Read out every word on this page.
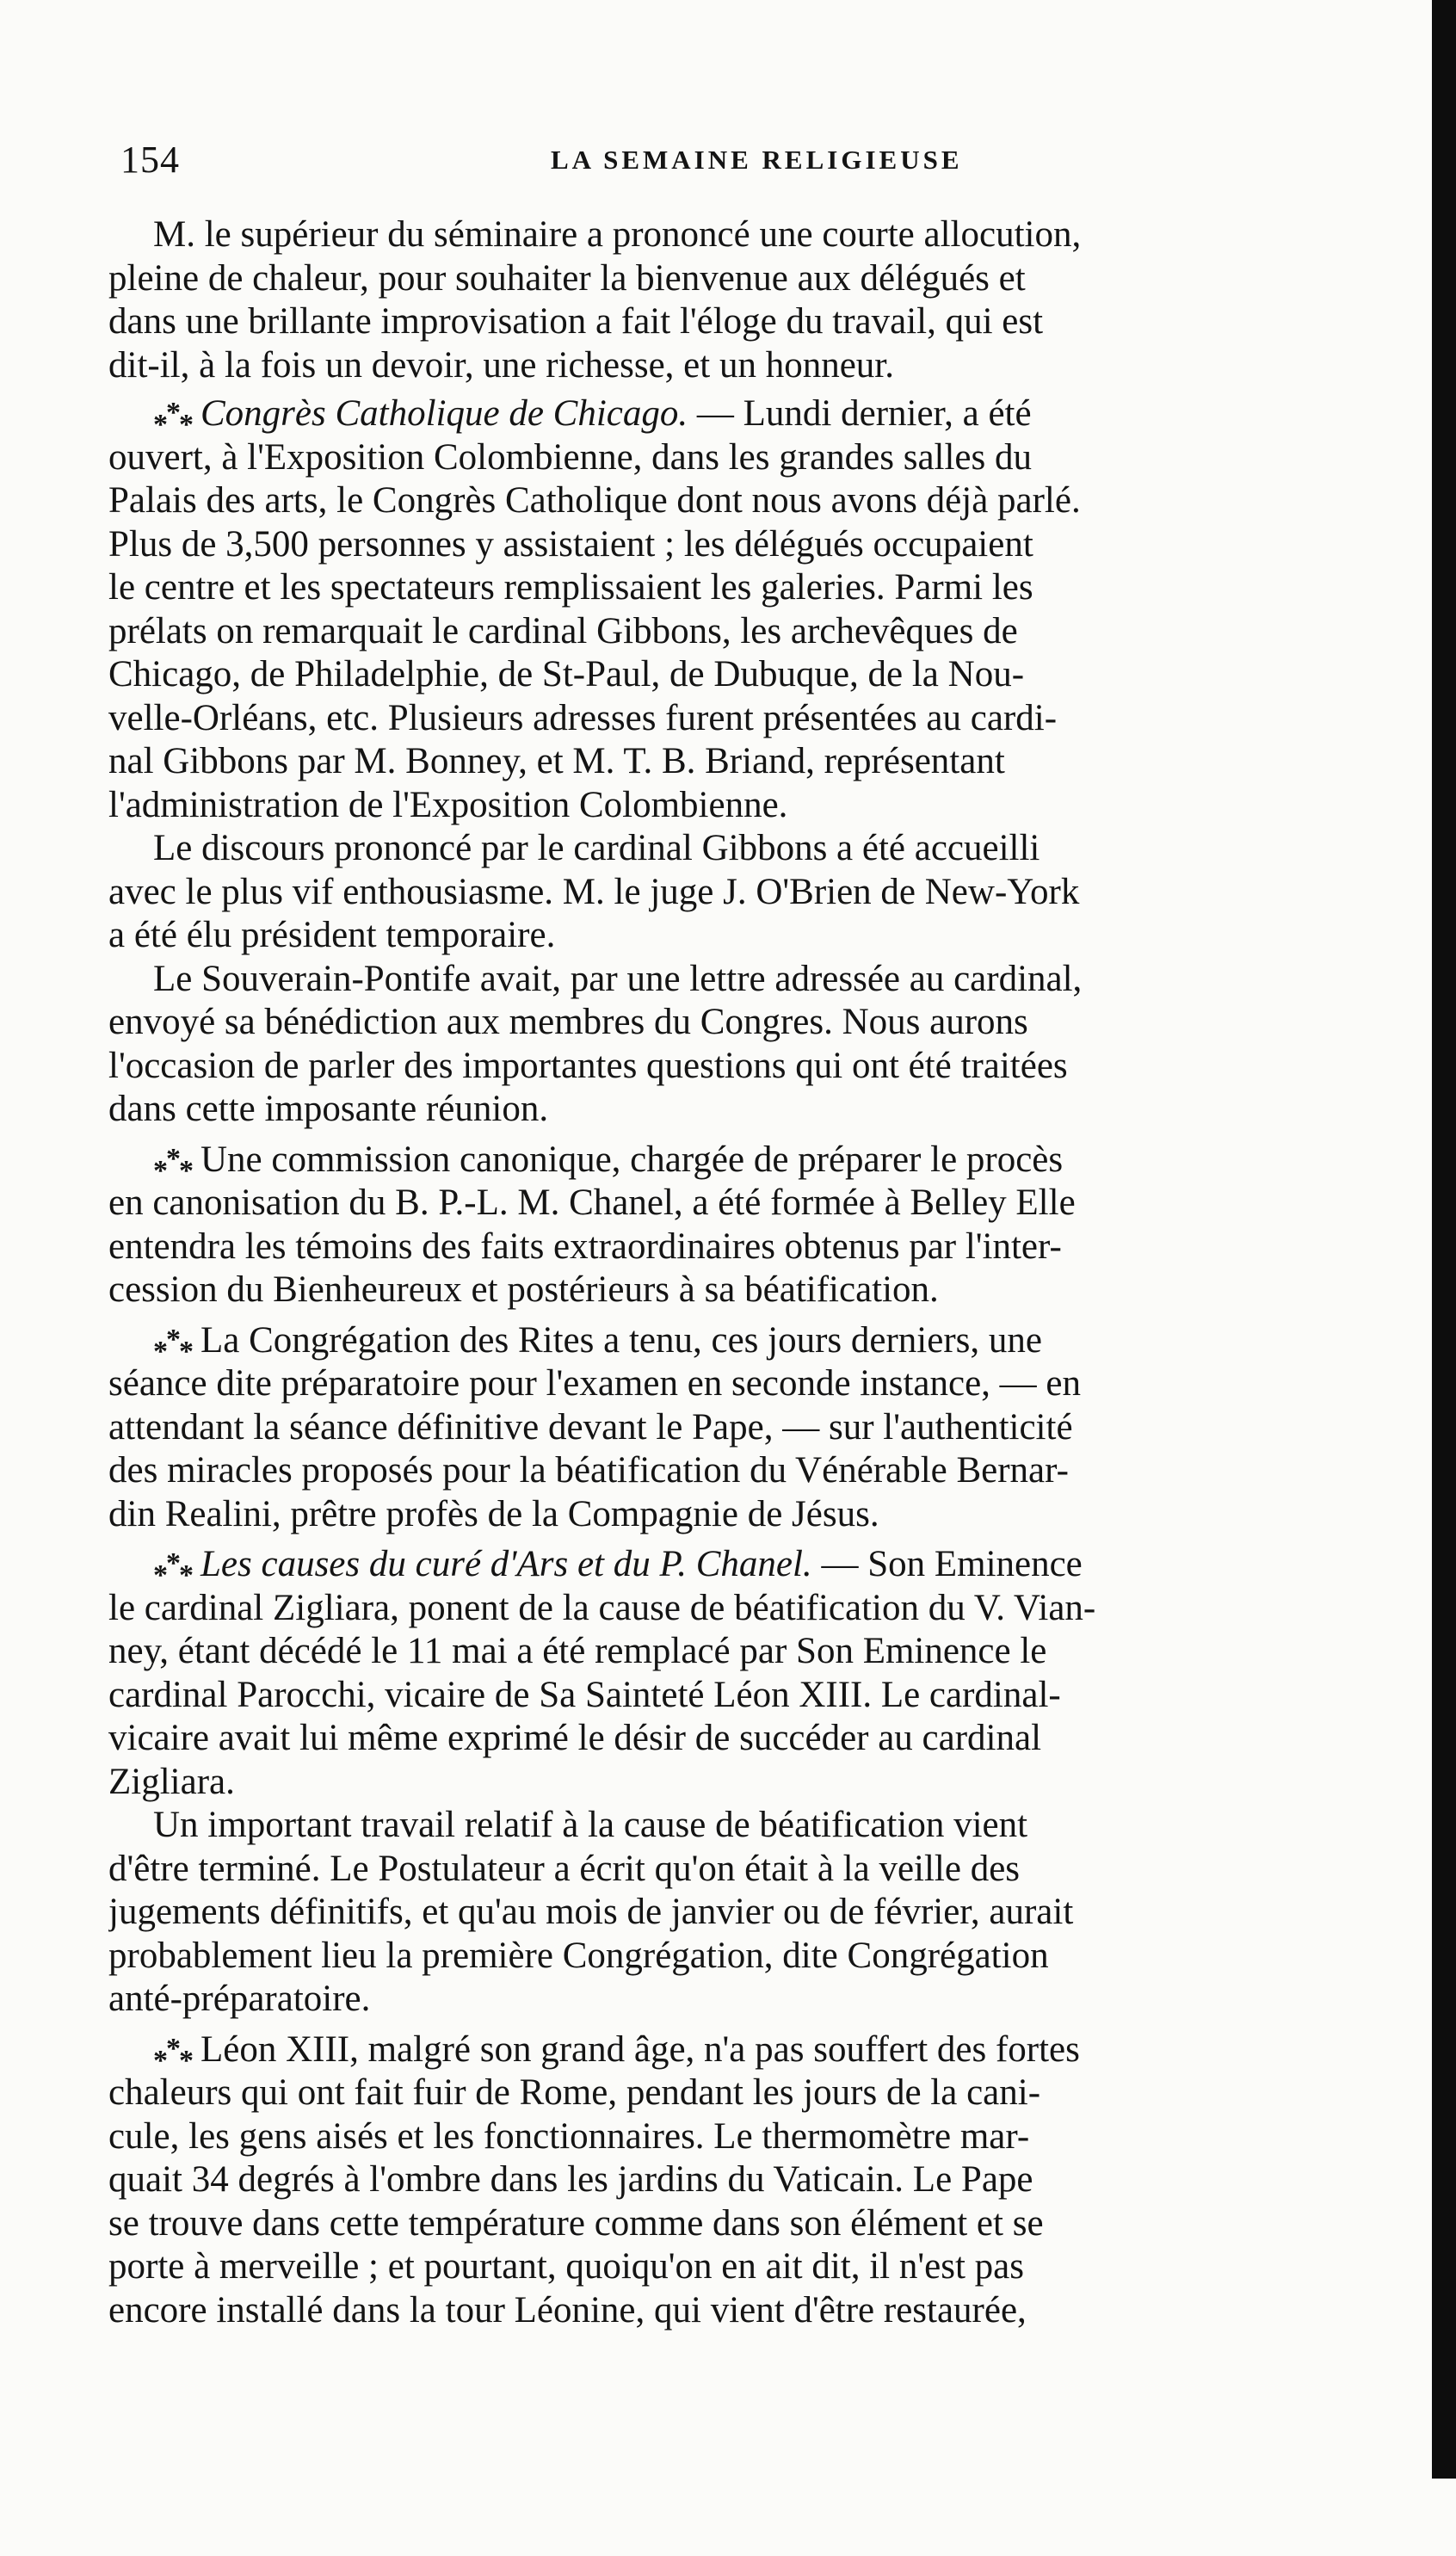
154	LA SEMAINE RELIGIEUSE
M. le supérieur du séminaire a prononcé une courte allocution,
pleine de chaleur, pour souhaiter la bienvenue aux délégués et
dans une brillante improvisation a fait l'éloge du travail, qui est
dit-il, à la fois un devoir, une richesse, et un honneur.
$_{***}$ Congrès Catholique de Chicago. — Lundi dernier, a été
ouvert, à l'Exposition Colombienne, dans les grandes salles du
Palais des arts, le Congrès Catholique dont nous avons déjà parlé.
Plus de 3,500 personnes y assistaient ; les délégués occupaient
le centre et les spectateurs remplissaient les galeries. Parmi les
prélats on remarquait le cardinal Gibbons, les archevêques de
Chicago, de Philadelphie, de St-Paul, de Dubuque, de la Nou-
velle-Orléans, etc. Plusieurs adresses furent présentées au cardi-
nal Gibbons par M. Bonney, et M. T. B. Briand, représentant
l'administration de l'Exposition Colombienne.
Le discours prononcé par le cardinal Gibbons a été accueilli
avec le plus vif enthousiasme. M. le juge J. O'Brien de New-York
a été élu président temporaire.
Le Souverain-Pontife avait, par une lettre adressée au cardinal,
envoyé sa bénédiction aux membres du Congres. Nous aurons
l'occasion de parler des importantes questions qui ont été traitées
dans cette imposante réunion.
$_{***}$ Une commission canonique, chargée de préparer le procès
en canonisation du B. P.-L. M. Chanel, a été formée à Belley Elle
entendra les témoins des faits extraordinaires obtenus par l'inter-
cession du Bienheureux et postérieurs à sa béatification.
$_{***}$ La Congrégation des Rites a tenu, ces jours derniers, une
séance dite préparatoire pour l'examen en seconde instance, — en
attendant la séance définitive devant le Pape, — sur l'authenticité
des miracles proposés pour la béatification du Vénérable Bernar-
din Realini, prêtre profès de la Compagnie de Jésus.
$_{***}$ Les causes du curé d'Ars et du P. Chanel. — Son Eminence
le cardinal Zigliara, ponent de la cause de béatification du V. Vian-
ney, étant décédé le 11 mai a été remplacé par Son Eminence le
cardinal Parocchi, vicaire de Sa Sainteté Léon XIII. Le cardinal-
vicaire avait lui même exprimé le désir de succéder au cardinal
Zigliara.
Un important travail relatif à la cause de béatification vient
d'être terminé. Le Postulateur a écrit qu'on était à la veille des
jugements définitifs, et qu'au mois de janvier ou de février, aurait
probablement lieu la première Congrégation, dite Congrégation
anté-préparatoire.
$_{***}$ Léon XIII, malgré son grand âge, n'a pas souffert des fortes
chaleurs qui ont fait fuir de Rome, pendant les jours de la cani-
cule, les gens aisés et les fonctionnaires. Le thermomètre mar-
quait 34 degrés à l'ombre dans les jardins du Vaticain. Le Pape
se trouve dans cette température comme dans son élément et se
porte à merveille ; et pourtant, quoiqu'on en ait dit, il n'est pas
encore installé dans la tour Léonine, qui vient d'être restaurée,
